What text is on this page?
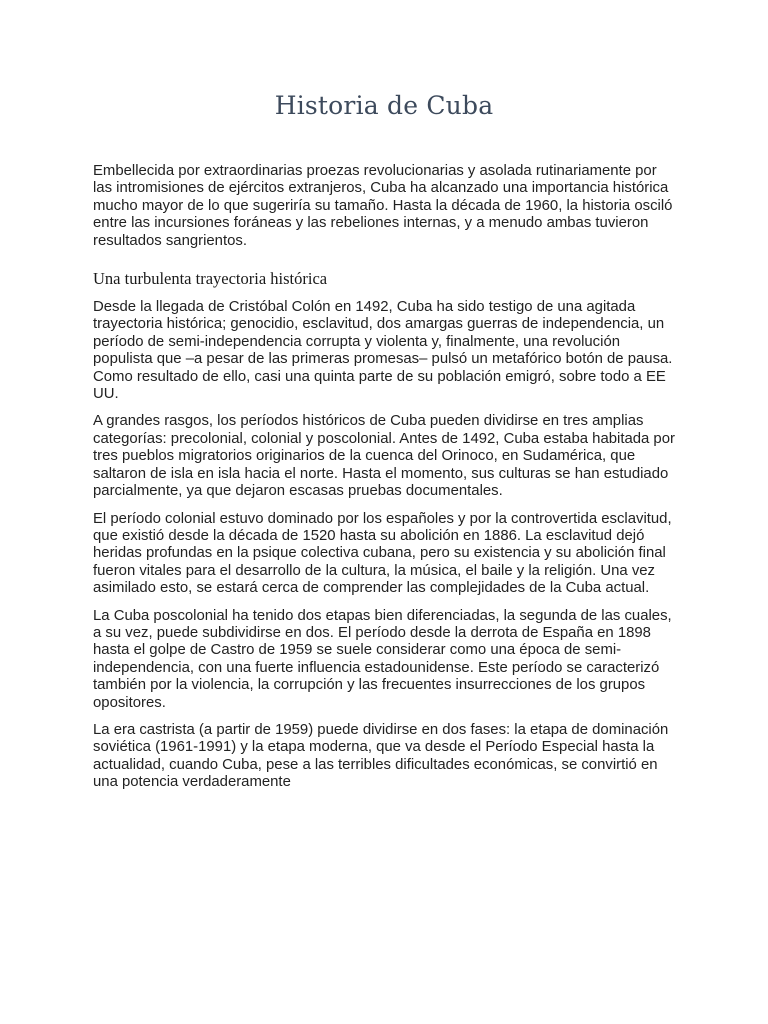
Historia de Cuba

Embellecida por extraordinarias proezas revolucionarias y asolada rutinariamente por las intromisiones de ejércitos extranjeros, Cuba ha alcanzado una importancia histórica mucho mayor de lo que sugeriría su tamaño. Hasta la década de 1960, la historia osciló entre las incursiones foráneas y las rebeliones internas, y a menudo ambas tuvieron resultados sangrientos.

Una turbulenta trayectoria histórica

Desde la llegada de Cristóbal Colón en 1492, Cuba ha sido testigo de una agitada trayectoria histórica; genocidio, esclavitud, dos amargas guerras de independencia, un período de semi-independencia corrupta y violenta y, finalmente, una revolución populista que –a pesar de las primeras promesas– pulsó un metafórico botón de pausa. Como resultado de ello, casi una quinta parte de su población emigró, sobre todo a EE UU.

A grandes rasgos, los períodos históricos de Cuba pueden dividirse en tres amplias categorías: precolonial, colonial y poscolonial. Antes de 1492, Cuba estaba habitada por tres pueblos migratorios originarios de la cuenca del Orinoco, en Sudamérica, que saltaron de isla en isla hacia el norte. Hasta el momento, sus culturas se han estudiado parcialmente, ya que dejaron escasas pruebas documentales.

El período colonial estuvo dominado por los españoles y por la controvertida esclavitud, que existió desde la década de 1520 hasta su abolición en 1886. La esclavitud dejó heridas profundas en la psique colectiva cubana, pero su existencia y su abolición final fueron vitales para el desarrollo de la cultura, la música, el baile y la religión. Una vez asimilado esto, se estará cerca de comprender las complejidades de la Cuba actual.

La Cuba poscolonial ha tenido dos etapas bien diferenciadas, la segunda de las cuales, a su vez, puede subdividirse en dos. El período desde la derrota de España en 1898 hasta el golpe de Castro de 1959 se suele considerar como una época de semi-independencia, con una fuerte influencia estadounidense. Este período se caracterizó también por la violencia, la corrupción y las frecuentes insurrecciones de los grupos opositores.

La era castrista (a partir de 1959) puede dividirse en dos fases: la etapa de dominación soviética (1961-1991) y la etapa moderna, que va desde el Período Especial hasta la actualidad, cuando Cuba, pese a las terribles dificultades económicas, se convirtió en una potencia verdaderamente
